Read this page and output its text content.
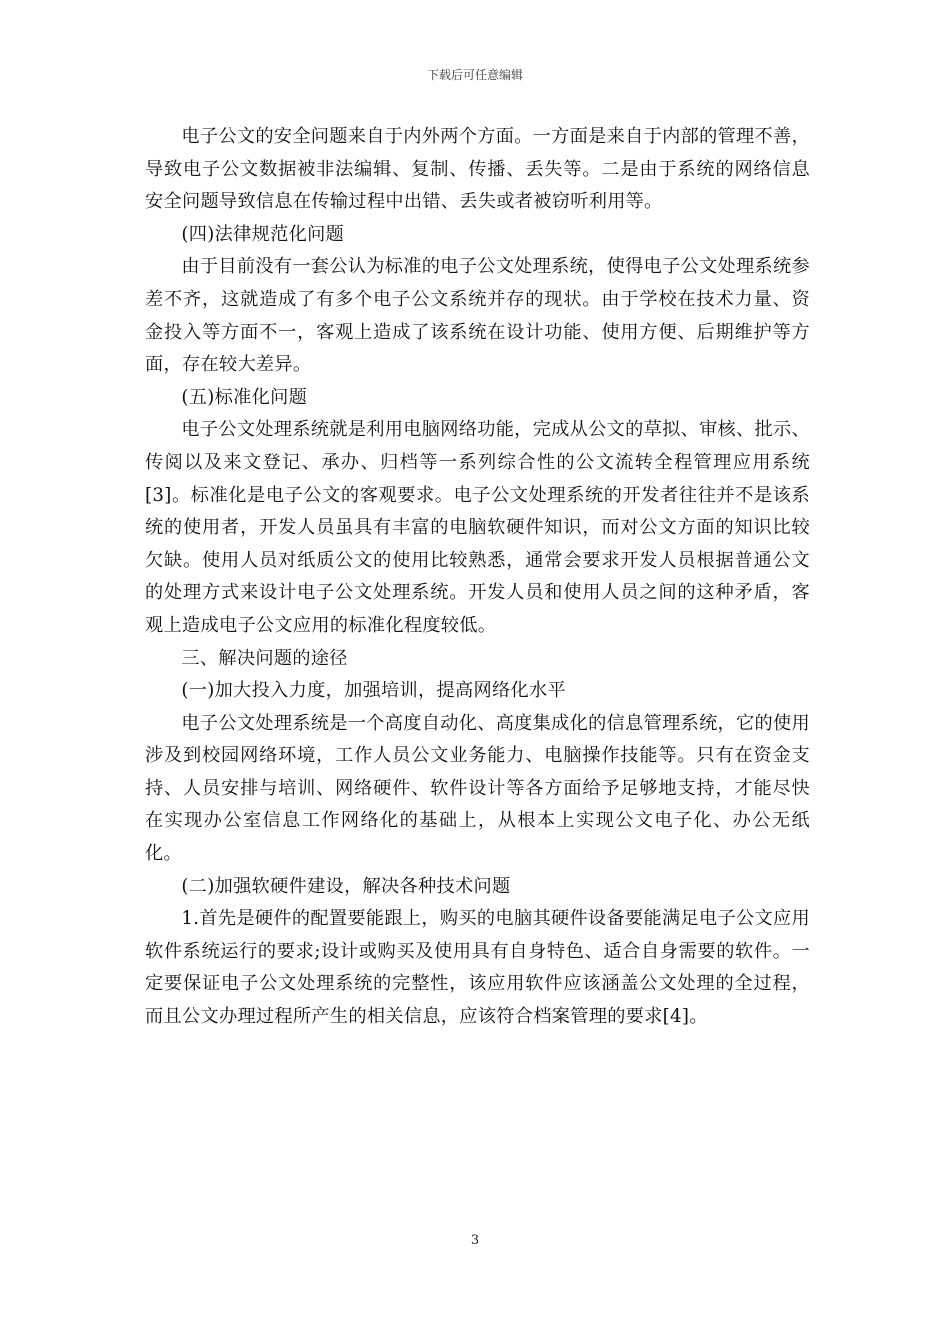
下载后可任意编辑

电子公文的安全问题来自于内外两个方面。一方面是来自于内部的管理不善，导致电子公文数据被非法编辑、复制、传播、丢失等。二是由于系统的网络信息安全问题导致信息在传输过程中出错、丢失或者被窃听利用等。

(四)法律规范化问题

由于目前没有一套公认为标准的电子公文处理系统，使得电子公文处理系统参差不齐，这就造成了有多个电子公文系统并存的现状。由于学校在技术力量、资金投入等方面不一，客观上造成了该系统在设计功能、使用方便、后期维护等方面，存在较大差异。

(五)标准化问题

电子公文处理系统就是利用电脑网络功能，完成从公文的草拟、审核、批示、传阅以及来文登记、承办、归档等一系列综合性的公文流转全程管理应用系统[3]。标准化是电子公文的客观要求。电子公文处理系统的开发者往往并不是该系统的使用者，开发人员虽具有丰富的电脑软硬件知识，而对公文方面的知识比较欠缺。使用人员对纸质公文的使用比较熟悉，通常会要求开发人员根据普通公文的处理方式来设计电子公文处理系统。开发人员和使用人员之间的这种矛盾，客观上造成电子公文应用的标准化程度较低。

三、解决问题的途径

(一)加大投入力度，加强培训，提高网络化水平

电子公文处理系统是一个高度自动化、高度集成化的信息管理系统，它的使用涉及到校园网络环境，工作人员公文业务能力、电脑操作技能等。只有在资金支持、人员安排与培训、网络硬件、软件设计等各方面给予足够地支持，才能尽快在实现办公室信息工作网络化的基础上，从根本上实现公文电子化、办公无纸化。

(二)加强软硬件建设，解决各种技术问题

1.首先是硬件的配置要能跟上，购买的电脑其硬件设备要能满足电子公文应用软件系统运行的要求;设计或购买及使用具有自身特色、适合自身需要的软件。一定要保证电子公文处理系统的完整性，该应用软件应该涵盖公文处理的全过程，而且公文办理过程所产生的相关信息，应该符合档案管理的要求[4]。

3
